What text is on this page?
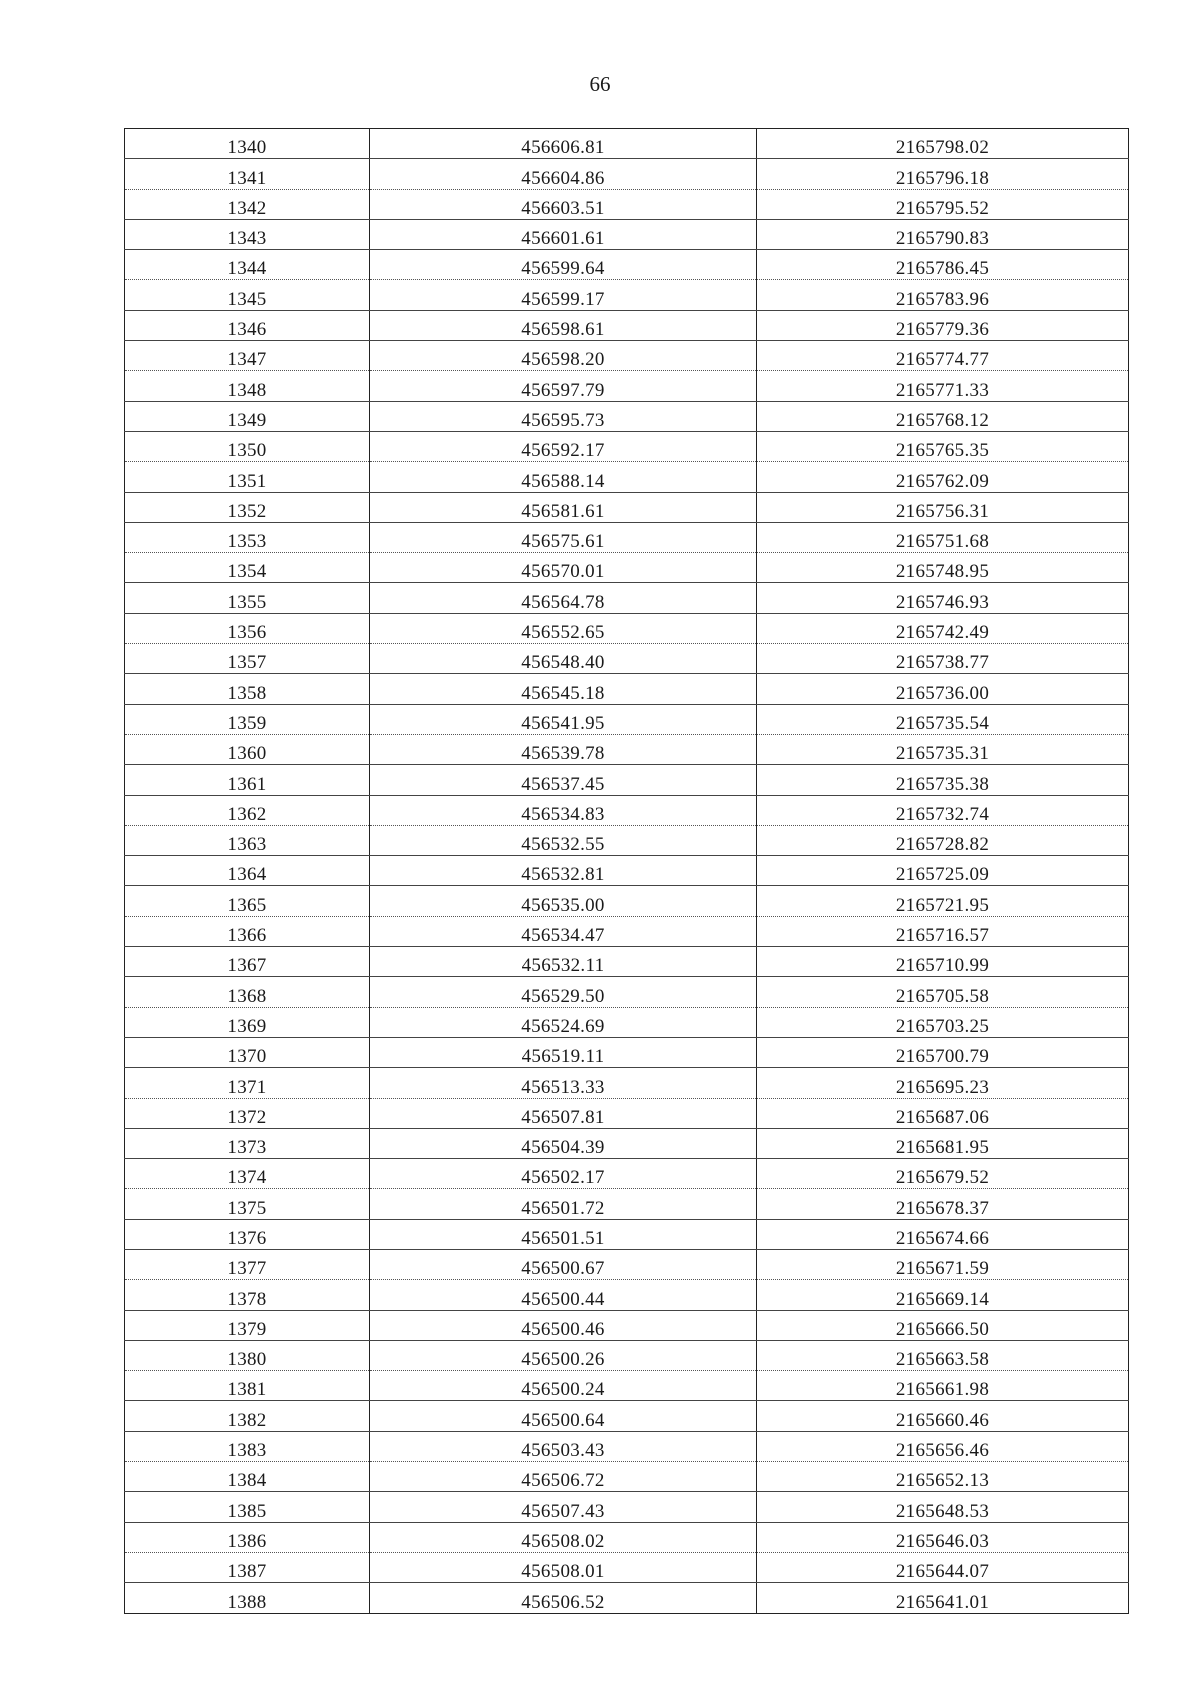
66
1340	456606.81	2165798.02
1341	456604.86	2165796.18
1342	456603.51	2165795.52
1343	456601.61	2165790.83
1344	456599.64	2165786.45
1345	456599.17	2165783.96
1346	456598.61	2165779.36
1347	456598.20	2165774.77
1348	456597.79	2165771.33
1349	456595.73	2165768.12
1350	456592.17	2165765.35
1351	456588.14	2165762.09
1352	456581.61	2165756.31
1353	456575.61	2165751.68
1354	456570.01	2165748.95
1355	456564.78	2165746.93
1356	456552.65	2165742.49
1357	456548.40	2165738.77
1358	456545.18	2165736.00
1359	456541.95	2165735.54
1360	456539.78	2165735.31
1361	456537.45	2165735.38
1362	456534.83	2165732.74
1363	456532.55	2165728.82
1364	456532.81	2165725.09
1365	456535.00	2165721.95
1366	456534.47	2165716.57
1367	456532.11	2165710.99
1368	456529.50	2165705.58
1369	456524.69	2165703.25
1370	456519.11	2165700.79
1371	456513.33	2165695.23
1372	456507.81	2165687.06
1373	456504.39	2165681.95
1374	456502.17	2165679.52
1375	456501.72	2165678.37
1376	456501.51	2165674.66
1377	456500.67	2165671.59
1378	456500.44	2165669.14
1379	456500.46	2165666.50
1380	456500.26	2165663.58
1381	456500.24	2165661.98
1382	456500.64	2165660.46
1383	456503.43	2165656.46
1384	456506.72	2165652.13
1385	456507.43	2165648.53
1386	456508.02	2165646.03
1387	456508.01	2165644.07
1388	456506.52	2165641.01
